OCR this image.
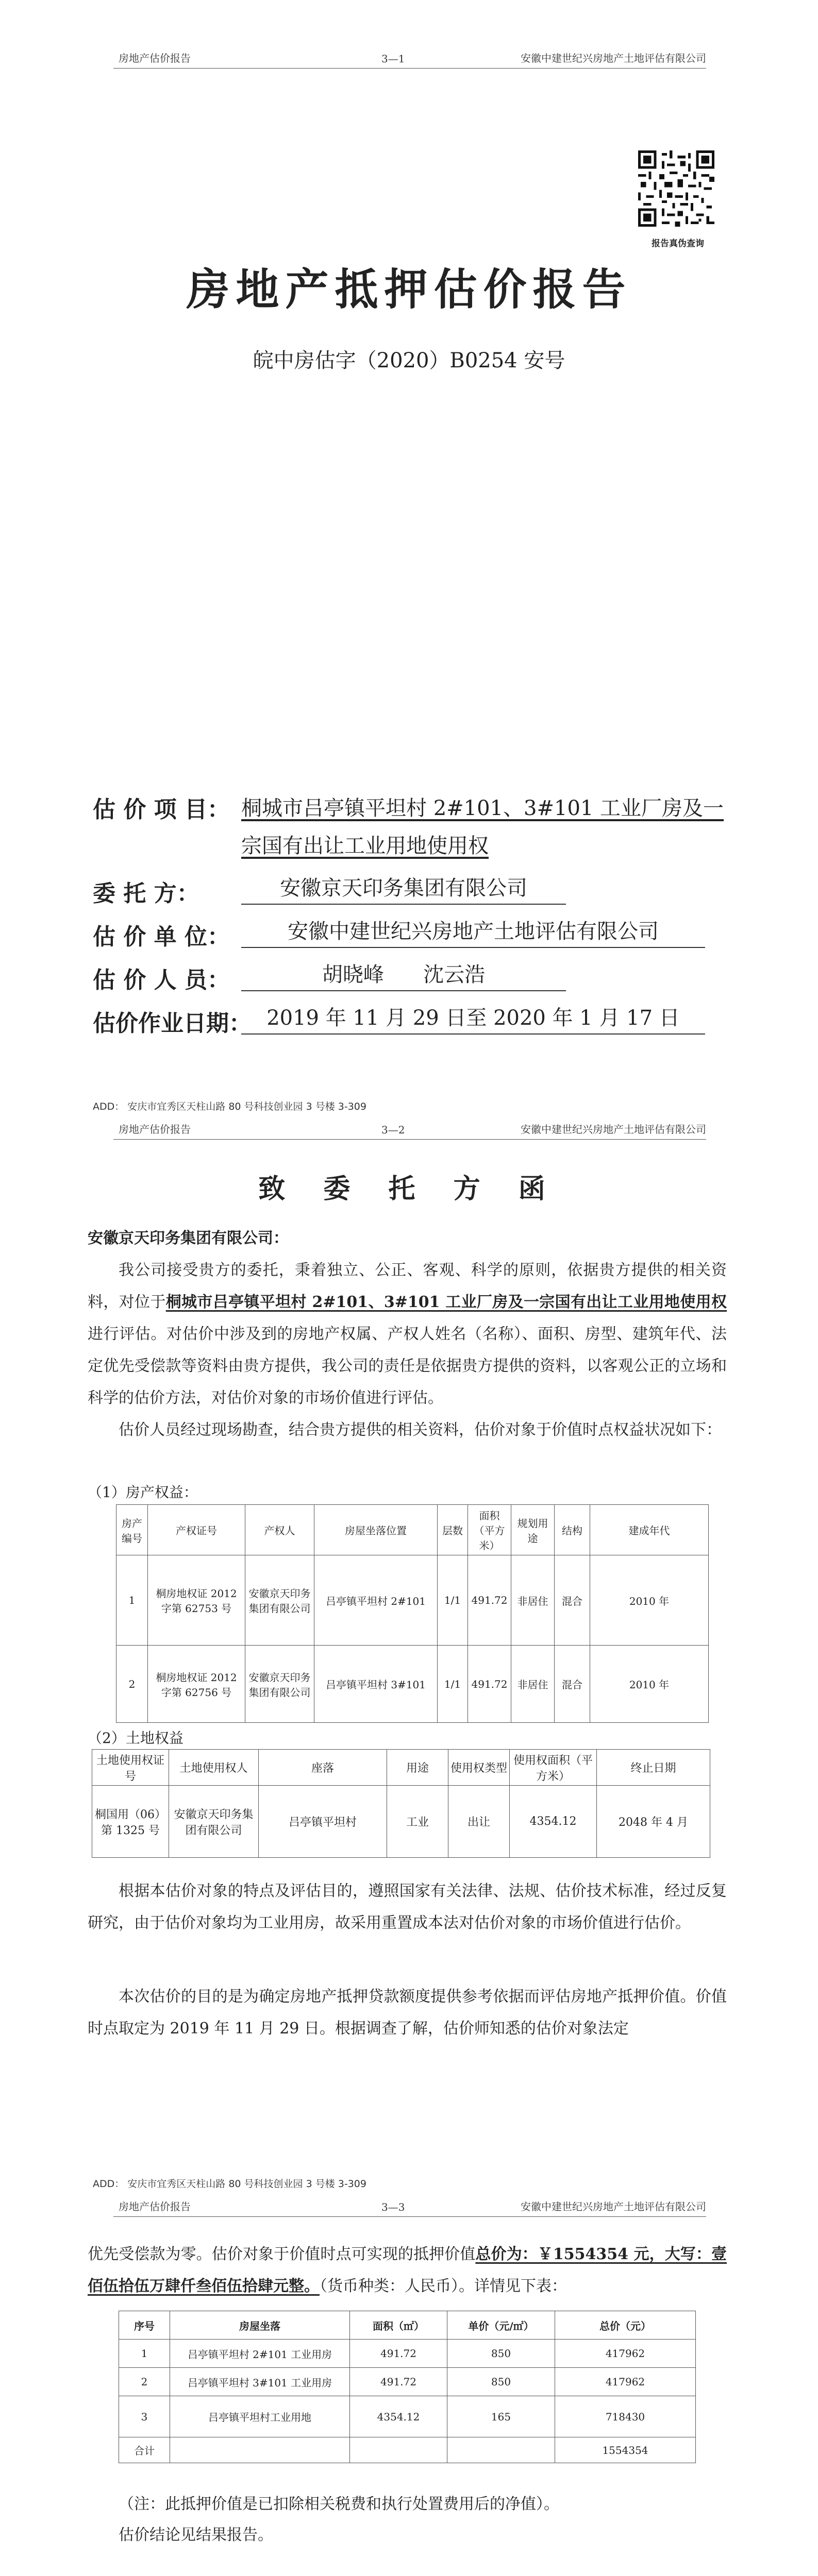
房地产估价报告	3—1	安徽中建世纪兴房地产土地评估有限公司
报告真伪查询
房地产抵押估价报告
皖中房估字（2020）B0254 安号
估 价 项 目： 桐城市吕亭镇平坦村 2#101、3#101 工业厂房及一
宗国有出让工业用地使用权
委 托 方：	安徽京天印务集团有限公司
估 价 单 位：	安徽中建世纪兴房地产土地评估有限公司
估 价 人 员：	胡晓峰      沈云浩
估价作业日期： 2019 年 11 月 29 日至 2020 年 1 月 17 日
ADD： 安庆市宜秀区天柱山路 80 号科技创业园 3 号楼 3-309
房地产估价报告	3—2	安徽中建世纪兴房地产土地评估有限公司
致 委 托 方 函
安徽京天印务集团有限公司：
我公司接受贵方的委托，秉着独立、公正、客观、科学的原则，依据贵方提供的相关资料，对位于桐城市吕亭镇平坦村 2#101、3#101 工业厂房及一宗国有出让工业用地使用权进行评估。对估价中涉及到的房地产权属、产权人姓名（名称）、面积、房型、建筑年代、法定优先受偿款等资料由贵方提供，我公司的责任是依据贵方提供的资料，以客观公正的立场和科学的估价方法，对估价对象的市场价值进行评估。
估价人员经过现场勘查，结合贵方提供的相关资料，估价对象于价值时点权益状况如下：
（1）房产权益：
房产编号	产权证号	产权人	房屋坐落位置	层数	面积（平方米）	规划用途	结构	建成年代
1	桐房地权证 2012 字第 62753 号	安徽京天印务集团有限公司	吕亭镇平坦村 2#101	1/1	491.72	非居住	混合	2010 年
2	桐房地权证 2012 字第 62756 号	安徽京天印务集团有限公司	吕亭镇平坦村 3#101	1/1	491.72	非居住	混合	2010 年
（2）土地权益
土地使用权证号	土地使用权人	座落	用途	使用权类型	使用权面积（平方米）	终止日期
桐国用（06）第 1325 号	安徽京天印务集团有限公司	吕亭镇平坦村	工业	出让	4354.12	2048 年 4 月
根据本估价对象的特点及评估目的，遵照国家有关法律、法规、估价技术标准，经过反复研究，由于估价对象均为工业用房，故采用重置成本法对估价对象的市场价值进行估价。
本次估价的目的是为确定房地产抵押贷款额度提供参考依据而评估房地产抵押价值。价值时点取定为 2019 年 11 月 29 日。根据调查了解，估价师知悉的估价对象法定
ADD： 安庆市宜秀区天柱山路 80 号科技创业园 3 号楼 3-309
房地产估价报告	3—3	安徽中建世纪兴房地产土地评估有限公司
优先受偿款为零。估价对象于价值时点可实现的抵押价值总价为：￥1554354 元，大写：壹佰伍拾伍万肆仟叁佰伍拾肆元整。（货币种类：人民币）。详情见下表：
序号	房屋坐落	面积（㎡）	单价（元/㎡）	总价（元）
1	吕亭镇平坦村 2#101 工业用房	491.72	850	417962
2	吕亭镇平坦村 3#101 工业用房	491.72	850	417962
3	吕亭镇平坦村工业用地	4354.12	165	718430
合计				1554354
（注：此抵押价值是已扣除相关税费和执行处置费用后的净值）。
估价结论见结果报告。
